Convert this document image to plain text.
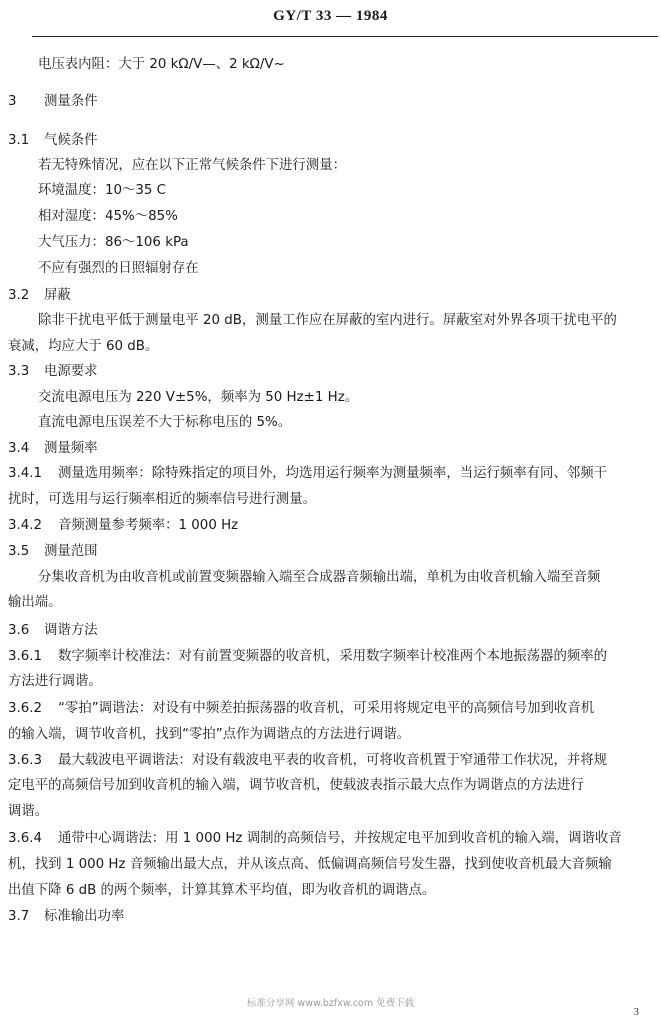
GY/T 33 — 1984
电压表内阻：大于 20 kΩ/V—、2 kΩ/V~
3 测量条件
3.1 气候条件
若无特殊情况，应在以下正常气候条件下进行测量：
环境温度：10～35 C
相对湿度：45%～85%
大气压力：86～106 kPa
不应有强烈的日照辐射存在
3.2 屏蔽
除非干扰电平低于测量电平 20 dB，测量工作应在屏蔽的室内进行。屏蔽室对外界各项干扰电平的
衰减，均应大于 60 dB。
3.3 电源要求
交流电源电压为 220 V±5%，频率为 50 Hz±1 Hz。
直流电源电压误差不大于标称电压的 5%。
3.4 测量频率
3.4.1 测量选用频率：除特殊指定的项目外，均选用运行频率为测量频率，当运行频率有同、邻频干
扰时，可选用与运行频率相近的频率信号进行测量。
3.4.2 音频测量参考频率：1 000 Hz
3.5 测量范围
分集收音机为由收音机或前置变频器输入端至合成器音频输出端，单机为由收音机输入端至音频
输出端。
3.6 调谐方法
3.6.1 数字频率计校准法：对有前置变频器的收音机，采用数字频率计校准两个本地振荡器的频率的
方法进行调谐。
3.6.2 “零拍”调谐法：对设有中频差拍振荡器的收音机，可采用将规定电平的高频信号加到收音机
的输入端，调节收音机，找到“零拍”点作为调谐点的方法进行调谐。
3.6.3 最大载波电平调谐法：对设有载波电平表的收音机，可将收音机置于窄通带工作状况，并将规
定电平的高频信号加到收音机的输入端，调节收音机，使载波表指示最大点作为调谐点的方法进行
调谐。
3.6.4 通带中心调谐法：用 1 000 Hz 调制的高频信号，并按规定电平加到收音机的输入端，调谐收音
机，找到 1 000 Hz 音频输出最大点，并从该点高、低偏调高频信号发生器，找到使收音机最大音频输
出值下降 6 dB 的两个频率，计算其算术平均值，即为收音机的调谐点。
3.7 标准输出功率
标准分享网 www.bzfxw.com 免费下载
3
